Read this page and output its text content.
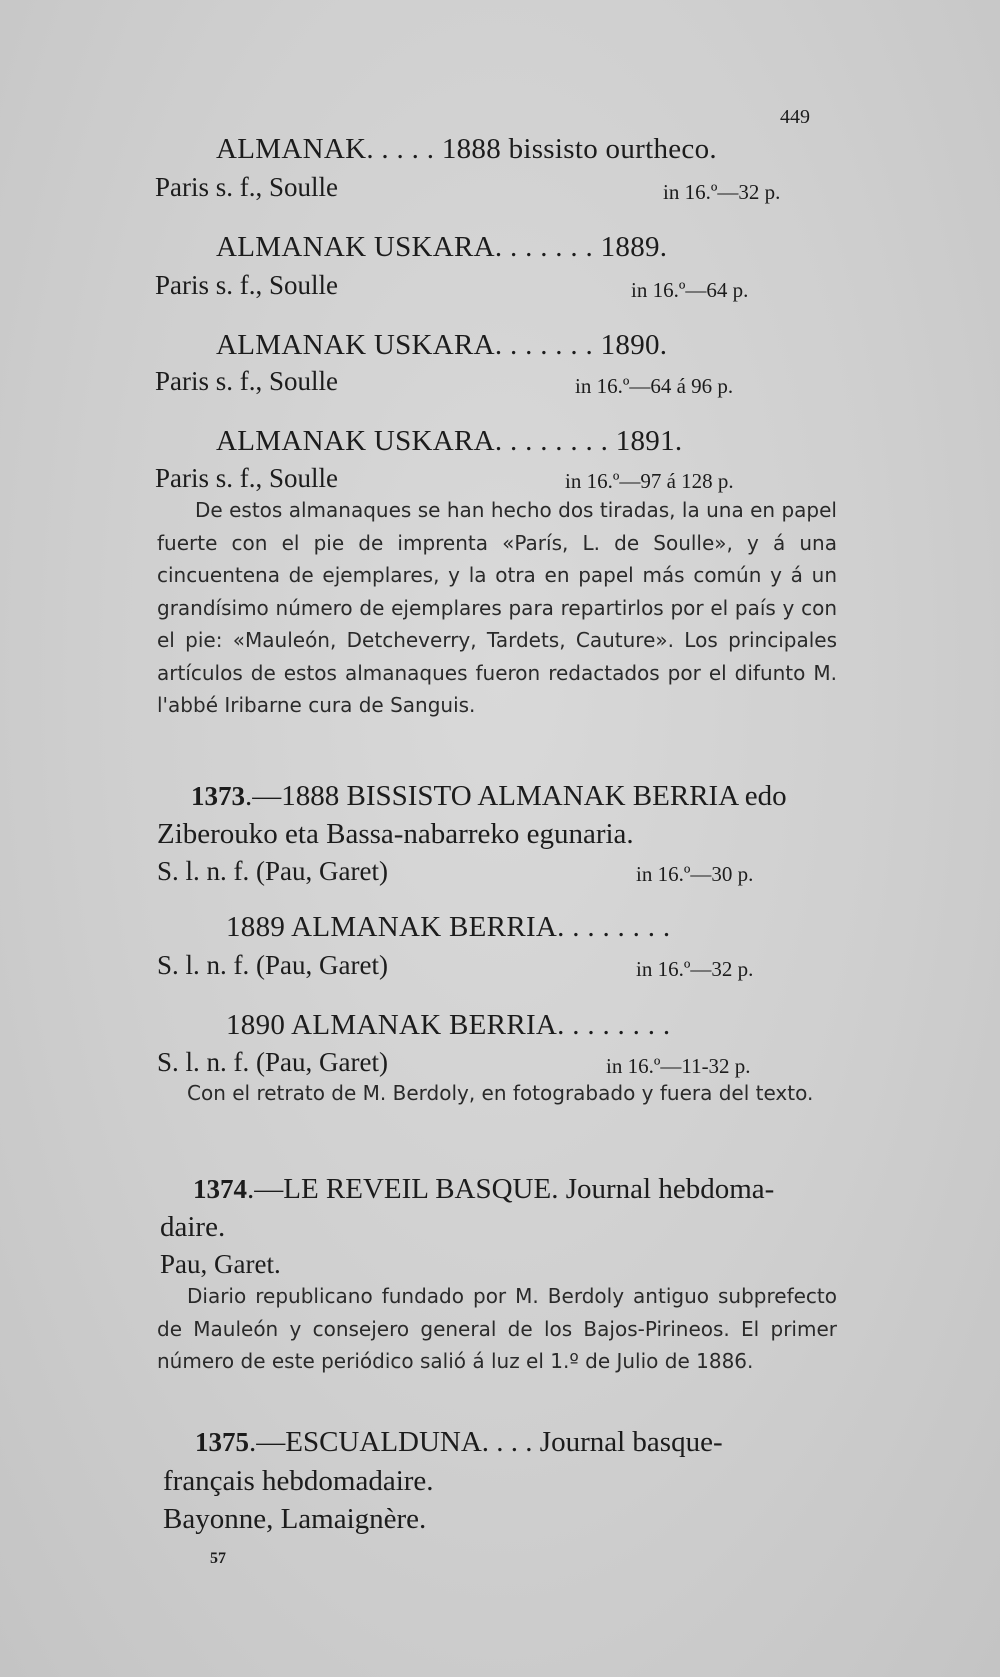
449
ALMANAK. . . . . 1888 bissisto ourtheco.
Paris s. f., Soulle	in 16.º—32 p.
ALMANAK USKARA. . . . . . . 1889.
Paris s. f., Soulle	in 16.º—64 p.
ALMANAK USKARA. . . . . . . 1890.
Paris s. f., Soulle	in 16.º—64 á 96 p.
ALMANAK USKARA. . . . . . . . 1891.
Paris s. f., Soulle	in 16.º—97 á 128 p.
De estos almanaques se han hecho dos tiradas, la una en papel fuerte con el pie de imprenta «París, L. de Soulle», y á una cincuentena de ejemplares, y la otra en papel más común y á un grandísimo número de ejemplares para repartirlos por el país y con el pie: «Mauleón, Detcheverry, Tardets, Cauture». Los principales artículos de estos almanaques fueron redactados por el difunto M. l'abbé Iribarne cura de Sanguis.
1373.—1888 BISSISTO ALMANAK BERRIA edo
Ziberouko eta Bassa-nabarreko egunaria.
S. l. n. f. (Pau, Garet)	in 16.º—30 p.
1889 ALMANAK BERRIA. . . . . . . .
S. l. n. f. (Pau, Garet)	in 16.º—32 p.
1890 ALMANAK BERRIA. . . . . . . .
S. l. n. f. (Pau, Garet)	in 16.º—11-32 p.
Con el retrato de M. Berdoly, en fotograbado y fuera del texto.
1374.—LE REVEIL BASQUE. Journal hebdoma-
daire.
Pau, Garet.
Diario republicano fundado por M. Berdoly antiguo subprefecto de Mauleón y consejero general de los Bajos-Pirineos. El primer número de este periódico salió á luz el 1.º de Julio de 1886.
1375.—ESCUALDUNA. . . . Journal basque-
français hebdomadaire.
Bayonne, Lamaignère.
57
